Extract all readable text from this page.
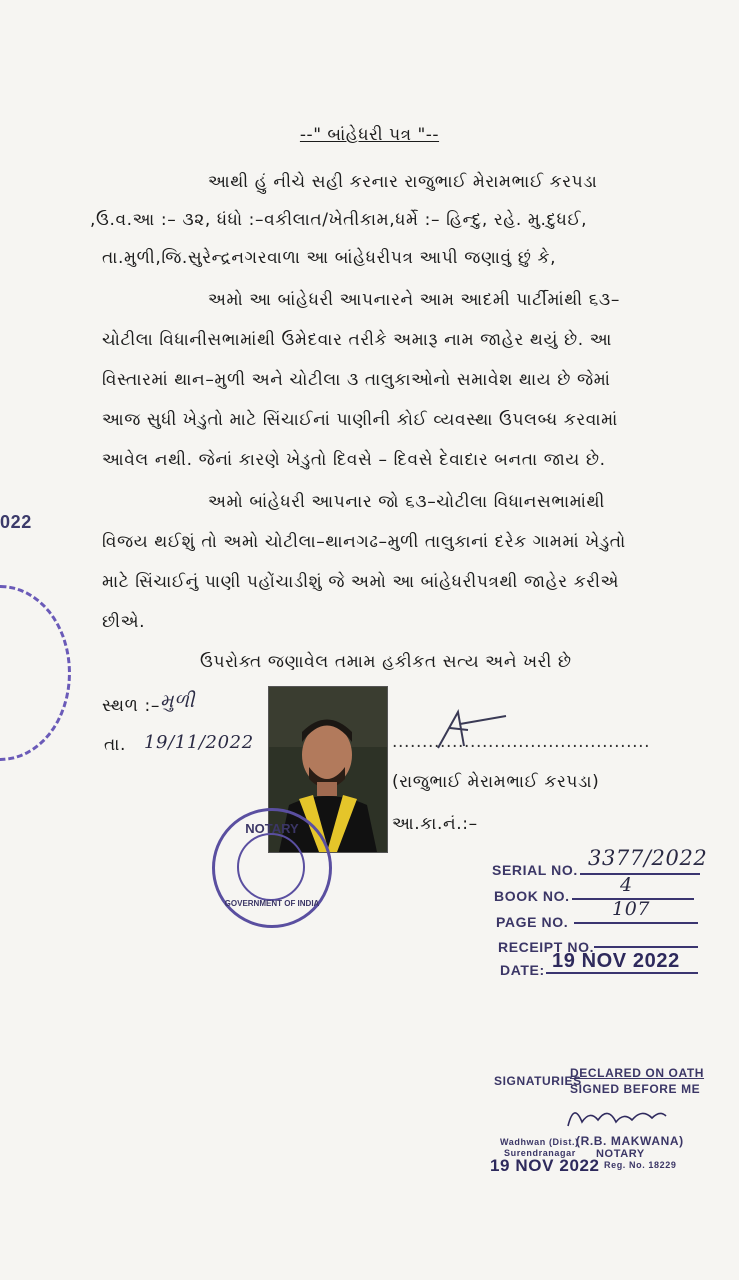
--" બાંહેધરી પત્ર "--
આથી હું નીચે સહી કરનાર રાજુભાઈ મેરામભાઈ કરપડા
,ઉ.વ.આ :– ૩૨, ધંધો :–વકીલાત/ખેતીકામ,ધર્મે :– હિન્દુ, રહે. મુ.દુધઈ,
તા.મુળી,જિ.સુરેન્દ્રનગરવાળા આ બાંહેધરીપત્ર આપી જણાવું છું કે,
અમો આ બાંહેધરી આપનારને આમ આદમી પાર્ટીમાંથી ૬૩–
ચોટીલા વિધાનીસભામાંથી ઉમેદવાર તરીકે અમારૂ નામ જાહેર થયું છે. આ
વિસ્તારમાં થાન–મુળી અને ચોટીલા ૩ તાલુકાઓનો સમાવેશ થાય છે જેમાં
આજ સુધી ખેડુતો માટે સિંચાઈનાં પાણીની કોઈ વ્યવસ્થા ઉપલબ્ધ કરવામાં
આવેલ નથી. જેનાં કારણે ખેડુતો દિવસે – દિવસે દેવાદાર બનતા જાય છે.
અમો બાંહેધરી આપનાર જો ૬૩–ચોટીલા વિધાનસભામાંથી
વિજય થઈશું તો અમો ચોટીલા–થાનગઢ–મુળી તાલુકાનાં દરેક ગામમાં ખેડુતો
માટે સિંચાઈનું પાણી પહોંચાડીશું જે અમો આ બાંહેધરીપત્રથી જાહેર કરીએ
છીએ.
ઉપરોક્ત જણાવેલ તમામ હકીકત સત્ય અને ખરી છે
022
સ્થળ :– મુળી
તા. 19/11/2022
NOTARY
GOVERNMENT OF INDIA
...........................................
(રાજુભાઈ મેરામભાઈ કરપડા)
આ.કા.નં.:–
SERIAL NO. 3377/2022
BOOK NO.	4
PAGE NO.
107
RECEIPT NO.
DATE: 19 NOV 2022
SIGNATURIES
DECLARED ON OATH
SIGNED BEFORE ME
Wadhwan (Dist.)
(R.B. MAKWANA)
Surendranagar NOTARY
19 NOV 2022 Reg. No. 18229
